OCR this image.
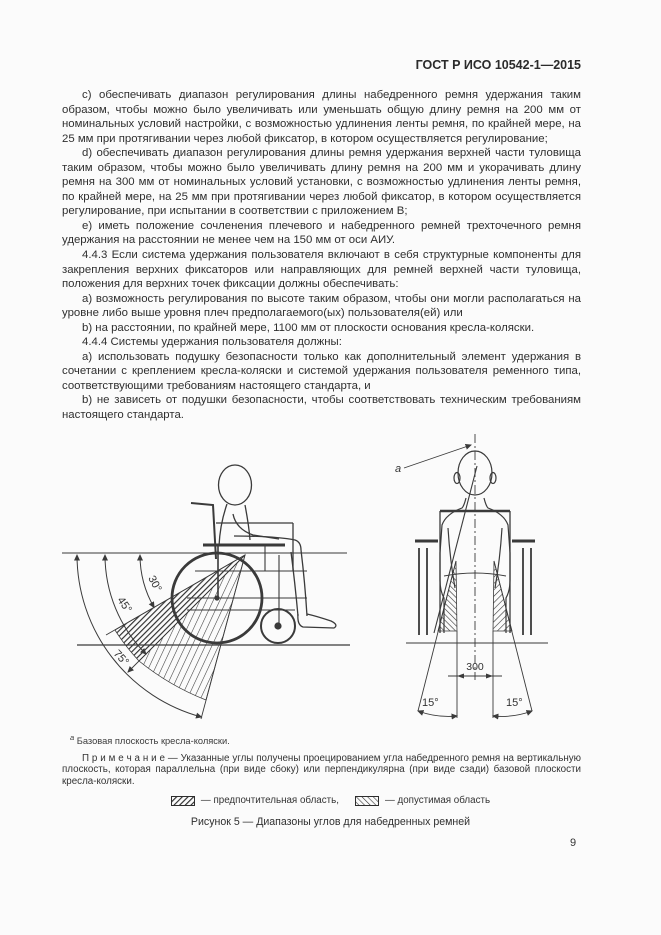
ГОСТ Р ИСО 10542-1—2015

c) обеспечивать диапазон регулирования длины набедренного ремня удержания таким образом, чтобы можно было увеличивать или уменьшать общую длину ремня на 200 мм от номинальных условий настройки, с возможностью удлинения ленты ремня, по крайней мере, на 25 мм при протягивании через любой фиксатор, в котором осуществляется регулирование;

d) обеспечивать диапазон регулирования длины ремня удержания верхней части туловища таким образом, чтобы можно было увеличивать длину ремня на 200 мм и укорачивать длину ремня на 300 мм от номинальных условий установки, с возможностью удлинения ленты ремня, по крайней мере, на 25 мм при протягивании через любой фиксатор, в котором осуществляется регулирование, при испытании в соответствии с приложением B;

e) иметь положение сочленения плечевого и набедренного ремней трехточечного ремня удержания на расстоянии не менее чем на 150 мм от оси АИУ.

4.4.3 Если система удержания пользователя включают в себя структурные компоненты для закрепления верхних фиксаторов или направляющих для ремней верхней части туловища, положения для верхних точек фиксации должны обеспечивать:

a) возможность регулирования по высоте таким образом, чтобы они могли располагаться на уровне либо выше уровня плеч предполагаемого(ых) пользователя(ей) или

b) на расстоянии, по крайней мере, 1100 мм от плоскости основания кресла-коляски.

4.4.4 Системы удержания пользователя должны:

a) использовать подушку безопасности только как дополнительный элемент удержания в сочетании с креплением кресла-коляски и системой удержания пользователя ременного типа, соответствующими требованиям настоящего стандарта, и

b) не зависеть от подушки безопасности, чтобы соответствовать техническим требованиям настоящего стандарта.

30°
45°
75°
a
300
15°	15°
$^a$ Базовая плоскость кресла-коляски.
П р и м е ч а н и е — Указанные углы получены проецированием угла набедренного ремня на вертикальную плоскость, которая параллельна (при виде сбоку) или перпендикулярна (при виде сзади) базовой плоскости кресла-коляски.
— предпочтительная область,	— допустимая область
Рисунок 5 — Диапазоны углов для набедренных ремней
9
